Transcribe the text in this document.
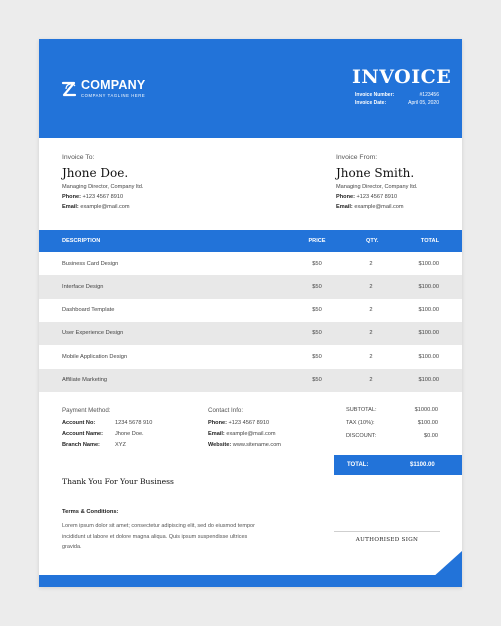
COMPANY
COMPANY TAGLINE HERE
INVOICE
Invoice Number:	#123456
Invoice Date:	April 05, 2020
Invoice To:
Jhone Doe.
Managing Director, Company ltd.
Phone: +123 4567 8910
Email: example@mail.com
Invoice From:
Jhone Smith.
Managing Director, Company ltd.
Phone: +123 4567 8910
Email: example@mail.com
DESCRIPTION	PRICE	QTY.	TOTAL
Business Card Design	$50	2	$100.00
Interface Design	$50	2	$100.00
Dashboard Template	$50	2	$100.00
User Experience Design	$50	2	$100.00
Mobile Application Design	$50	2	$100.00
Affiliate Marketing	$50	2	$100.00
Payment Method:
Account No:	1234 5678 910
Account Name:	Jhone Doe.
Branch Name:	XYZ
Contact Info:
Phone:
+123 4567 8910
Email:
example@mail.com
Website:
www.sitename.com
SUBTOTAL:	$1000.00
TAX (10%):	$100.00
DISCOUNT:	$0.00
TOTAL:	$1100.00
Thank You For Your Business
Terms & Conditions:
Lorem ipsum dolor sit amet; consectetur adipiscing elit, sed do eiusmod tempor incididunt ut labore et dolore magna aliqua. Quis ipsum suspendisse ultrices gravida.
AUTHORISED SIGN
